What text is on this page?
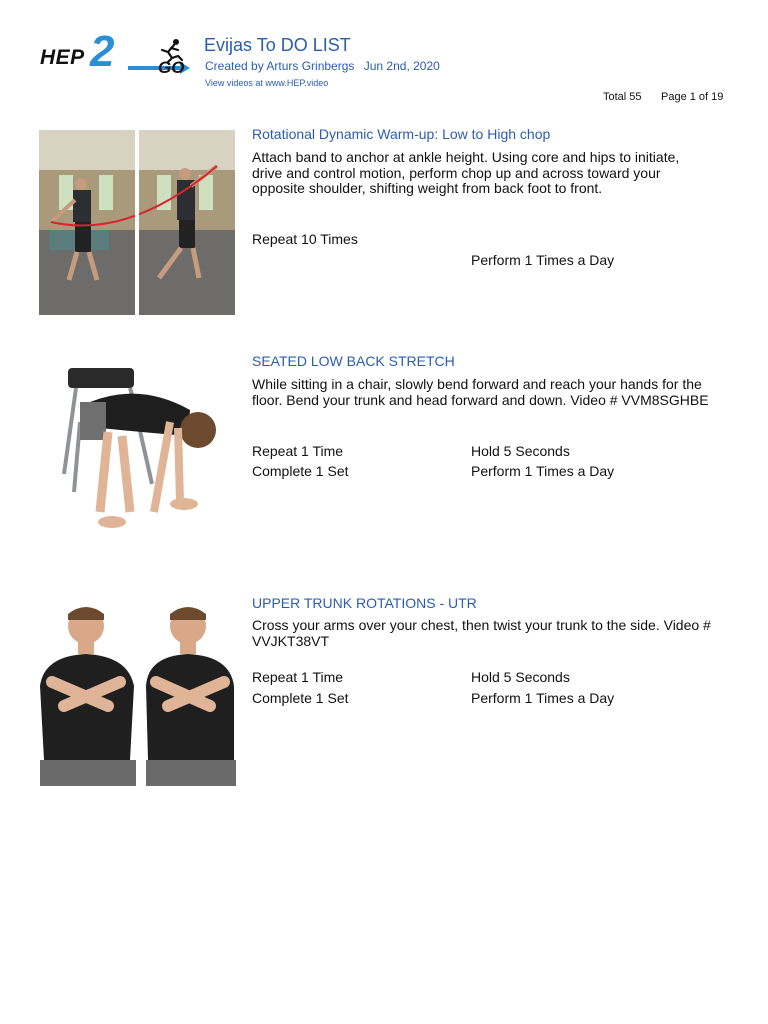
HEP 2	GO
Evijas To DO LIST
Created by Arturs Grinbergs Jun 2nd, 2020
View videos at www.HEP.video
Total 55 Page 1 of 19
Rotational Dynamic Warm-up: Low to High chop
Attach band to anchor at ankle height. Using core and hips to initiate, drive and control motion, perform chop up and across toward your opposite shoulder, shifting weight from back foot to front.
Repeat 10 Times
Perform 1 Times a Day
SEATED LOW BACK STRETCH
While sitting in a chair, slowly bend forward and reach your hands for the floor. Bend your trunk and head forward and down. Video # VVM8SGHBE
Repeat 1 Time	Hold 5 Seconds
Complete 1 Set	Perform 1 Times a Day
UPPER TRUNK ROTATIONS - UTR
Cross your arms over your chest, then twist your trunk to the side. Video # VVJKT38VT
Repeat 1 Time	Hold 5 Seconds
Complete 1 Set	Perform 1 Times a Day
